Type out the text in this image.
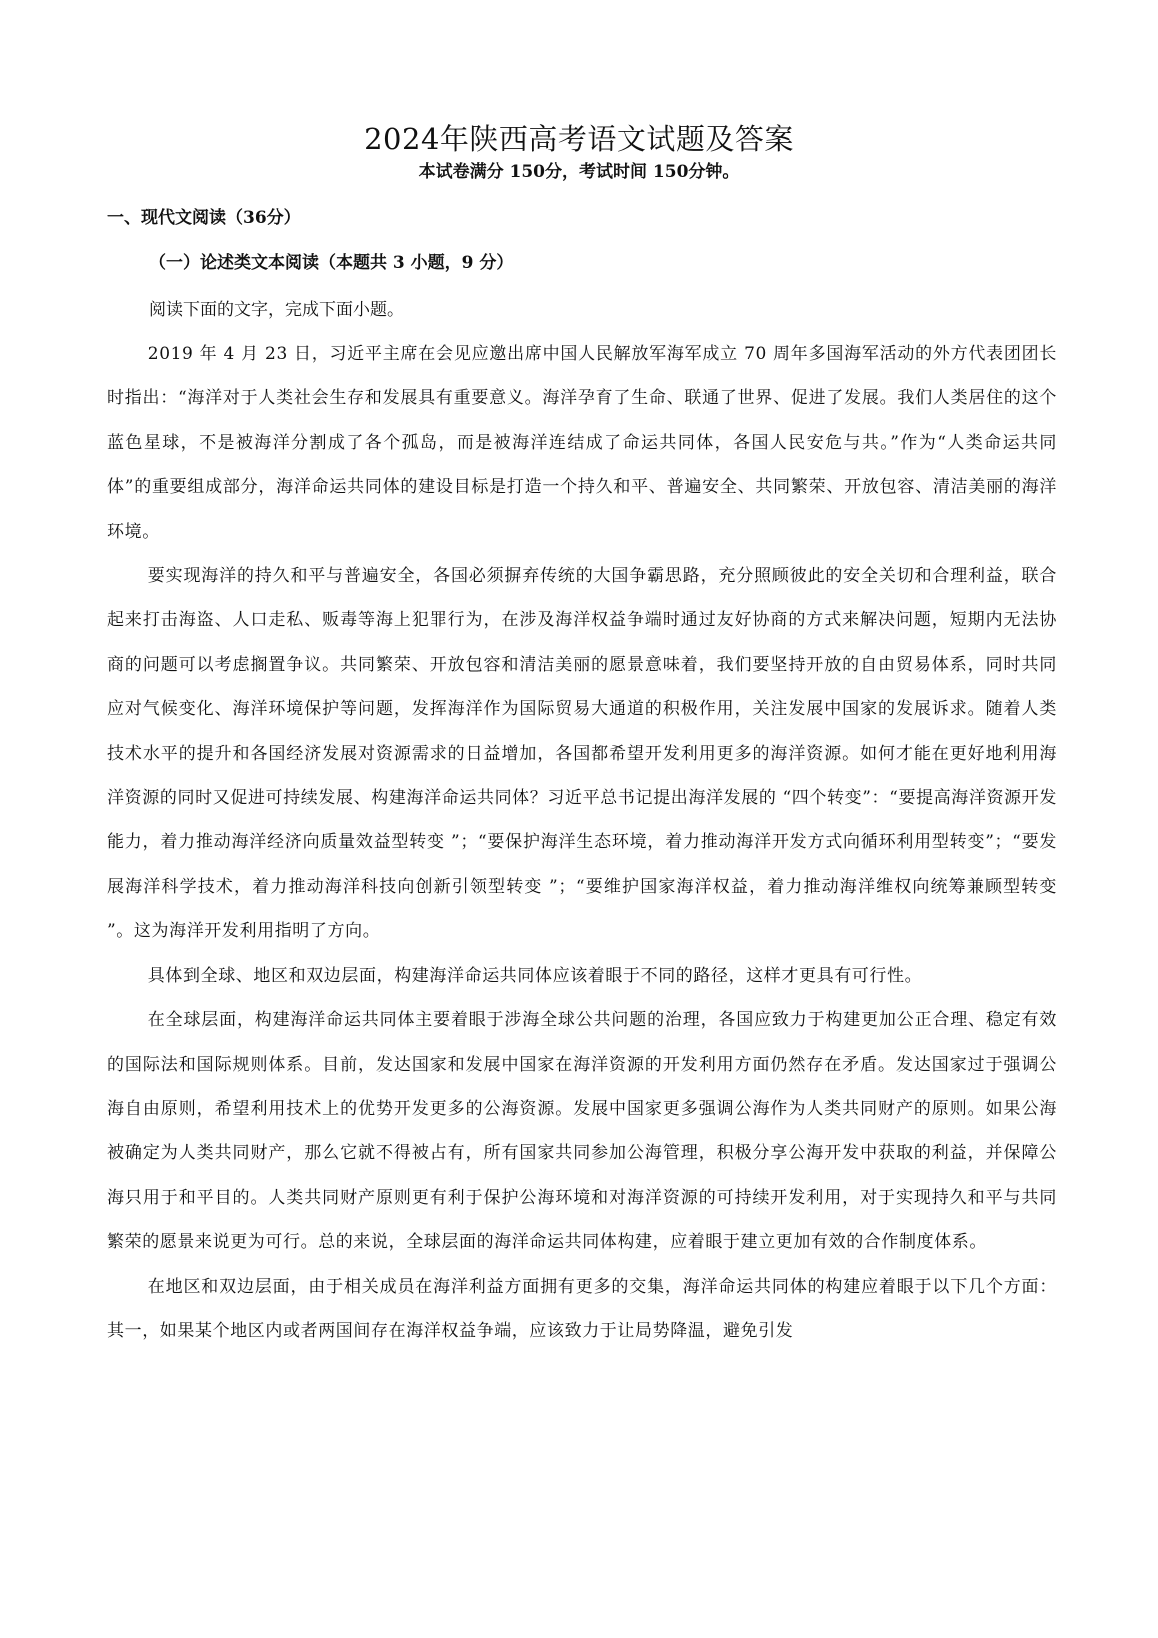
2024年陕西高考语文试题及答案
本试卷满分 150分，考试时间 150分钟。
一、现代文阅读（36分）
（一）论述类文本阅读（本题共 3 小题，9 分）
阅读下面的文字，完成下面小题。

2019 年 4 月 23 日，习近平主席在会见应邀出席中国人民解放军海军成立 70 周年多国海军活动的外方代表团团长时指出：“海洋对于人类社会生存和发展具有重要意义。海洋孕育了生命、联通了世界、促进了发展。我们人类居住的这个蓝色星球，不是被海洋分割成了各个孤岛，而是被海洋连结成了命运共同体，各国人民安危与共。”作为“人类命运共同体”的重要组成部分，海洋命运共同体的建设目标是打造一个持久和平、普遍安全、共同繁荣、开放包容、清洁美丽的海洋环境。

要实现海洋的持久和平与普遍安全，各国必须摒弃传统的大国争霸思路，充分照顾彼此的安全关切和合理利益，联合起来打击海盗、人口走私、贩毒等海上犯罪行为，在涉及海洋权益争端时通过友好协商的方式来解决问题，短期内无法协商的问题可以考虑搁置争议。共同繁荣、开放包容和清洁美丽的愿景意味着，我们要坚持开放的自由贸易体系，同时共同应对气候变化、海洋环境保护等问题，发挥海洋作为国际贸易大通道的积极作用，关注发展中国家的发展诉求。随着人类技术水平的提升和各国经济发展对资源需求的日益增加，各国都希望开发利用更多的海洋资源。如何才能在更好地利用海洋资源的同时又促进可持续发展、构建海洋命运共同体？习近平总书记提出海洋发展的 “四个转变”：“要提高海洋资源开发能力，着力推动海洋经济向质量效益型转变 ”；“要保护海洋生态环境，着力推动海洋开发方式向循环利用型转变”；“要发展海洋科学技术，着力推动海洋科技向创新引领型转变 ”；“要维护国家海洋权益，着力推动海洋维权向统筹兼顾型转变 ”。这为海洋开发利用指明了方向。

具体到全球、地区和双边层面，构建海洋命运共同体应该着眼于不同的路径，这样才更具有可行性。

在全球层面，构建海洋命运共同体主要着眼于涉海全球公共问题的治理，各国应致力于构建更加公正合理、稳定有效的国际法和国际规则体系。目前，发达国家和发展中国家在海洋资源的开发利用方面仍然存在矛盾。发达国家过于强调公海自由原则，希望利用技术上的优势开发更多的公海资源。发展中国家更多强调公海作为人类共同财产的原则。如果公海被确定为人类共同财产，那么它就不得被占有，所有国家共同参加公海管理，积极分享公海开发中获取的利益，并保障公海只用于和平目的。人类共同财产原则更有利于保护公海环境和对海洋资源的可持续开发利用，对于实现持久和平与共同繁荣的愿景来说更为可行。总的来说，全球层面的海洋命运共同体构建，应着眼于建立更加有效的合作制度体系。

在地区和双边层面，由于相关成员在海洋利益方面拥有更多的交集，海洋命运共同体的构建应着眼于以下几个方面：其一，如果某个地区内或者两国间存在海洋权益争端，应该致力于让局势降温，避免引发
